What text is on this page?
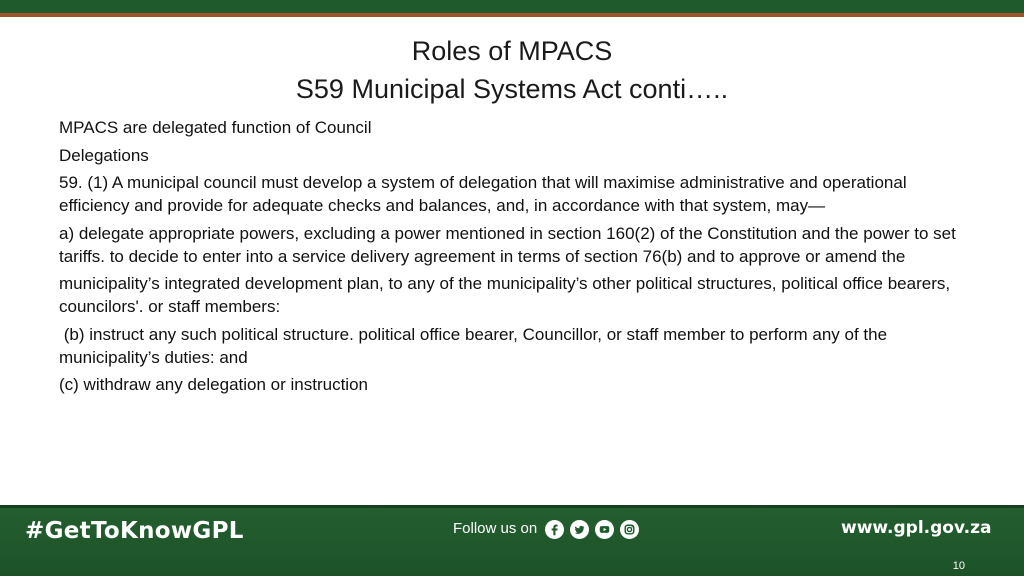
Roles of MPACS
S59 Municipal Systems Act conti…..

MPACS are delegated function of Council

Delegations

59. (1) A municipal council must develop a system of delegation that will maximise administrative and operational efficiency and provide for adequate checks and balances, and, in accordance with that system, may—

a) delegate appropriate powers, excluding a power mentioned in section 160(2) of the Constitution and the power to set tariffs. to decide to enter into a service delivery agreement in terms of section 76(b) and to approve or amend the

municipality’s integrated development plan, to any of the municipality’s other political structures, political office bearers, councilors'. or staff members:

(b) instruct any such political structure. political office bearer, Councillor, or staff member to perform any of the  municipality’s duties: and

(c) withdraw any delegation or instruction

#GetToKnowGPL	Follow us on	www.gpl.gov.za
10
